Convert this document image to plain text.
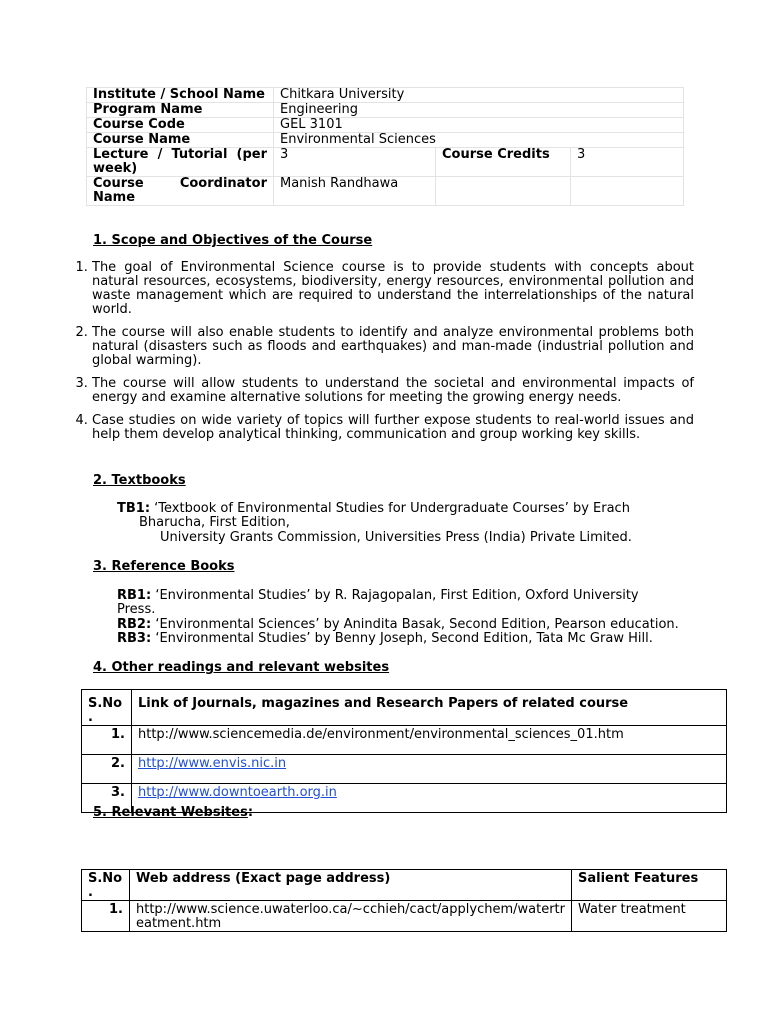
Institute / School Name	Chitkara University		
Program Name	Engineering		
Course Code	GEL 3101		
Course Name	Environmental Sciences		
Lecture / Tutorial (per week)	3	Course Credits	3
Course Coordinator Name	Manish Randhawa		
1. Scope and Objectives of the Course
1. The goal of Environmental Science course is to provide students with concepts about natural resources, ecosystems, biodiversity, energy resources, environmental pollution and waste management which are required to understand the interrelationships of the natural world.
2. The course will also enable students to identify and analyze environmental problems both natural (disasters such as floods and earthquakes) and man-made (industrial pollution and global warming).
3. The course will allow students to understand the societal and environmental impacts of energy and examine alternative solutions for meeting the growing energy needs.
4. Case studies on wide variety of topics will further expose students to real-world issues and help them develop analytical thinking, communication and group working key skills.
2. Textbooks
TB1: ‘Textbook of Environmental Studies for Undergraduate Courses’ by Erach
Bharucha, First Edition,
University Grants Commission, Universities Press (India) Private Limited.
3. Reference Books
RB1: ‘Environmental Studies’ by R. Rajagopalan, First Edition, Oxford University
Press.
RB2: ‘Environmental Sciences’ by Anindita Basak, Second Edition, Pearson education.
RB3: ‘Environmental Studies’ by Benny Joseph, Second Edition, Tata Mc Graw Hill.
4. Other readings and relevant websites
S.No .	Link of Journals, magazines and Research Papers of related course
1.	http://www.sciencemedia.de/environment/environmental_sciences_01.htm
2.	http://www.envis.nic.in
3.	http://www.downtoearth.org.in
5. Relevant Websites:
S.No .	Web address (Exact page address)	Salient Features
1.	http://www.science.uwaterloo.ca/~cchieh/cact/applychem/watertreatment.htm	Water treatment
